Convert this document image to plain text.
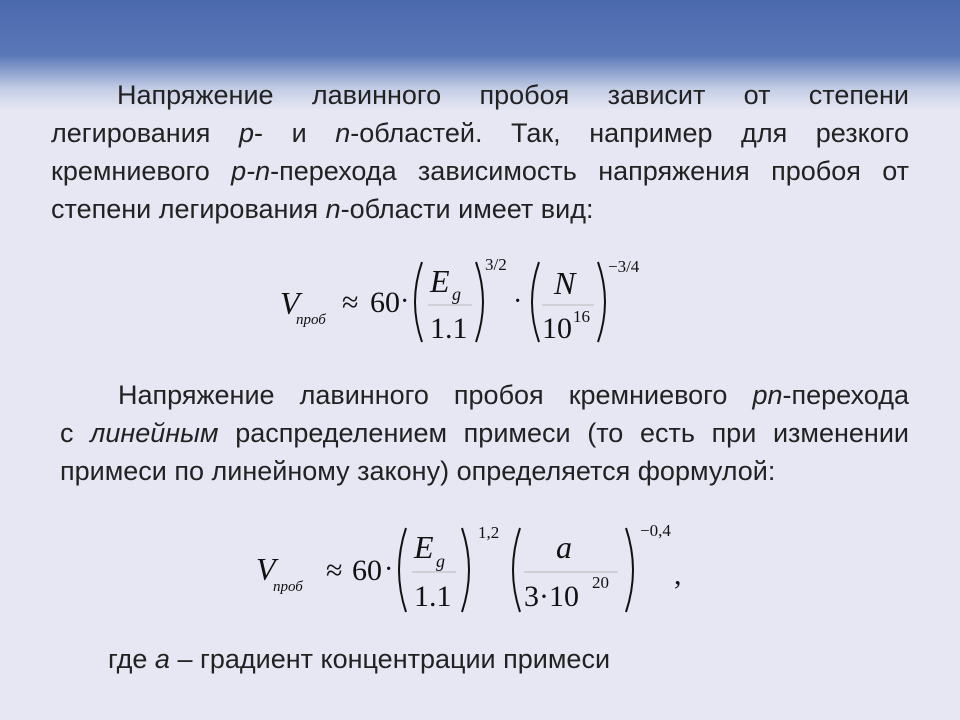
Напряжение лавинного пробоя зависит от степени
легирования p- и n-областей. Так, например для резкого
кремниевого p-n-перехода зависимость напряжения пробоя от
степени легирования n-области имеет вид:
V
проб
≈ 60 ·
E g
1.1
3/2
·
N
10 16
−3/4
Напряжение лавинного пробоя кремниевого pn-перехода
с линейным распределением примеси (то есть при изменении
примеси по линейному закону) определяется формулой:
V
проб ≈ 60 ·
E g
1.1
1,2 a
3·10 20
−0,4
,
где a – градиент концентрации примеси
